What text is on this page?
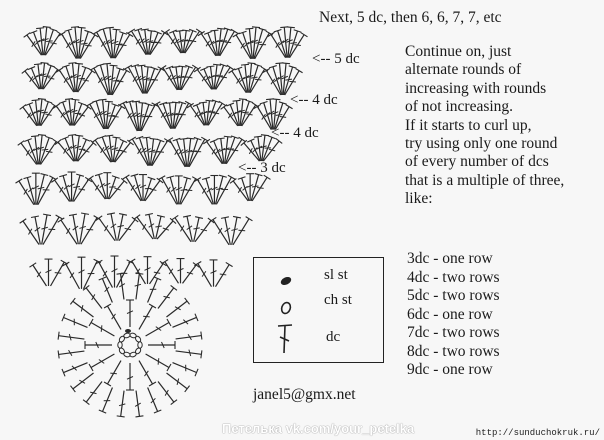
Next, 5 dc, then 6, 6, 7, 7, etc
<-- 5 dc
<-- 4 dc
<-- 4 dc
<-- 3 dc
Continue on, just
alternate rounds of
increasing with rounds
of not increasing.
If it starts to curl up,
try using only one round
of every number of dcs
that is a multiple of three,
like:
3dc - one row
4dc - two rows
5dc - two rows
6dc - one row
7dc - two rows
8dc - two rows
9dc - one row
sl st
ch st
dc
janel5@gmx.net
Петелька vk.com/your_petelka	http://sunduchokruk.ru/
